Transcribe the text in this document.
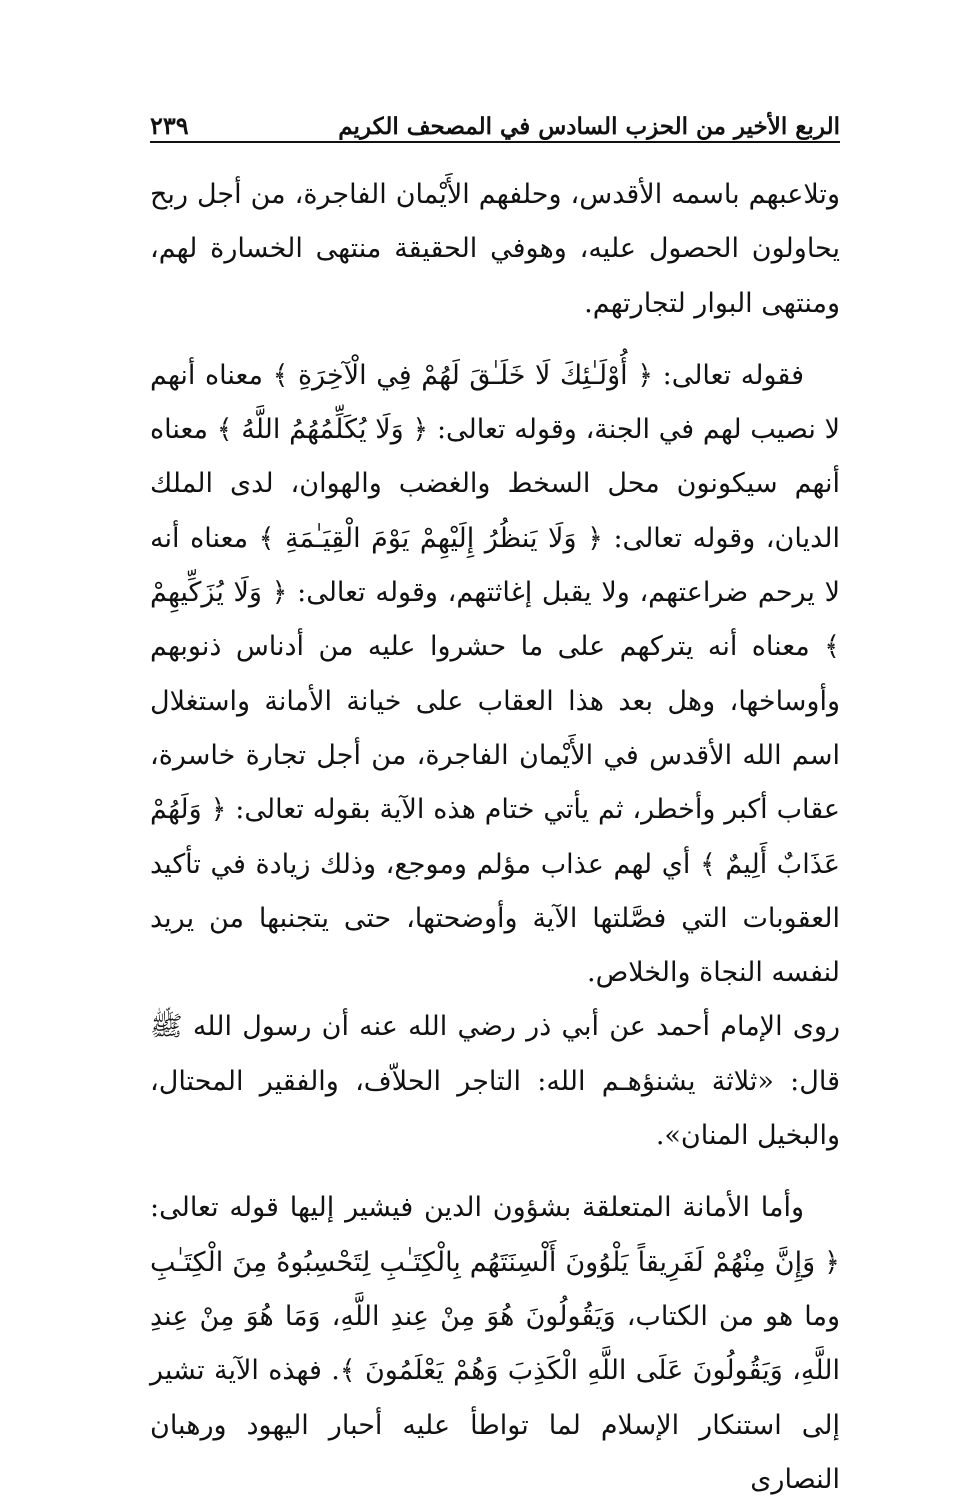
الربع الأخير من الحزب السادس في المصحف الكريم
٢٣٩

وتلاعبهم باسمه الأقدس، وحلفهم الأَيْمان الفاجرة، من أجل ربح يحاولون الحصول عليه، وهوفي الحقيقة منتهى الخسارة لهم، ومنتهى البوار لتجارتهم.

فقوله تعالى: ﴿ أُوْلَـٰئِكَ لَا خَلَـٰقَ لَهُمْ فِي الْآخِرَةِ ﴾ معناه أنهم لا نصيب لهم في الجنة، وقوله تعالى: ﴿ وَلَا يُكَلِّمُهُمُ اللَّهُ ﴾ معناه أنهم سيكونون محل السخط والغضب والهوان، لدى الملك الديان، وقوله تعالى: ﴿ وَلَا يَنظُرُ إِلَيْهِمْ يَوْمَ الْقِيَـٰمَةِ ﴾ معناه أنه لا يرحم ضراعتهم، ولا يقبل إغاثتهم، وقوله تعالى: ﴿ وَلَا يُزَكِّيهِمْ ﴾ معناه أنه يتركهم على ما حشروا عليه من أدناس ذنوبهم وأوساخها، وهل بعد هذا العقاب على خيانة الأمانة واستغلال اسم الله الأقدس في الأَيْمان الفاجرة، من أجل تجارة خاسرة، عقاب أكبر وأخطر، ثم يأتي ختام هذه الآية بقوله تعالى: ﴿ وَلَهُمْ عَذَابٌ أَلِيمٌ ﴾ أي لهم عذاب مؤلم وموجع، وذلك زيادة في تأكيد العقوبات التي فصَّلتها الآية وأوضحتها، حتى يتجنبها من يريد لنفسه النجاة والخلاص.

روى الإمام أحمد عن أبي ذر رضي الله عنه أن رسول الله ﷺ قال: «ثلاثة يشنؤهـم الله: التاجر الحلاّف، والفقير المحتال، والبخيل المنان».

وأما الأمانة المتعلقة بشؤون الدين فيشير إليها قوله تعالى: ﴿ وَإِنَّ مِنْهُمْ لَفَرِيقاً يَلْوُونَ أَلْسِنَتَهُم بِالْكِتَـٰبِ لِتَحْسِبُوهُ مِنَ الْكِتَـٰبِ وما هو من الكتاب، وَيَقُولُونَ هُوَ مِنْ عِندِ اللَّهِ، وَمَا هُوَ مِنْ عِندِ اللَّهِ، وَيَقُولُونَ عَلَى اللَّهِ الْكَذِبَ وَهُمْ يَعْلَمُونَ ﴾. فهذه الآية تشير إلى استنكار الإسلام لما تواطأ عليه أحبار اليهود ورهبان النصارى
